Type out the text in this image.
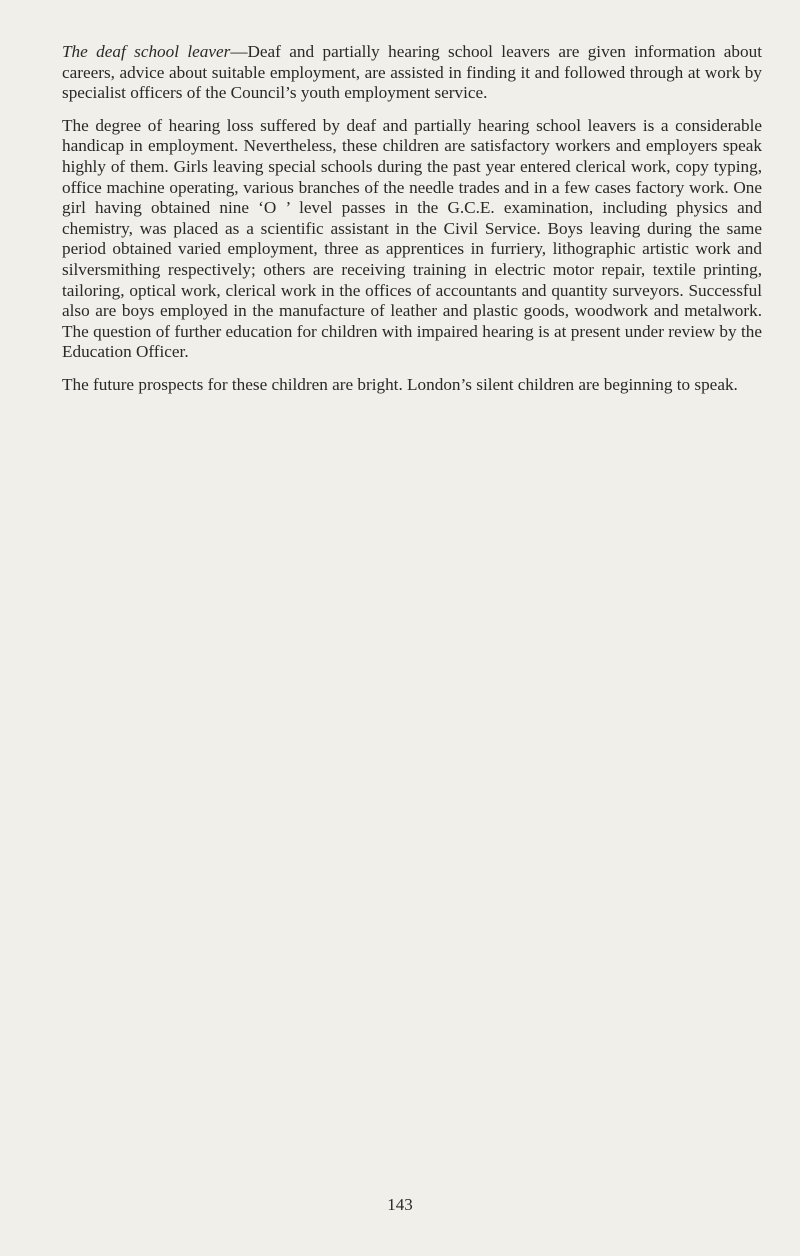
The deaf school leaver—Deaf and partially hearing school leavers are given information about careers, advice about suitable employment, are assisted in finding it and followed through at work by specialist officers of the Council’s youth employment service.

The degree of hearing loss suffered by deaf and partially hearing school leavers is a considerable handicap in employment. Nevertheless, these children are satisfactory workers and employers speak highly of them. Girls leaving special schools during the past year entered clerical work, copy typing, office machine operating, various branches of the needle trades and in a few cases factory work. One girl having obtained nine ‘O ’ level passes in the G.C.E. examination, including physics and chemistry, was placed as a scientific assistant in the Civil Service. Boys leaving during the same period obtained varied employment, three as apprentices in furriery, lithographic artistic work and silversmithing respectively; others are receiving training in electric motor repair, textile printing, tailoring, optical work, clerical work in the offices of accountants and quantity surveyors. Successful also are boys employed in the manufacture of leather and plastic goods, woodwork and metalwork. The question of further education for children with impaired hearing is at present under review by the Education Officer.

The future prospects for these children are bright. London’s silent children are beginning to speak.

143
